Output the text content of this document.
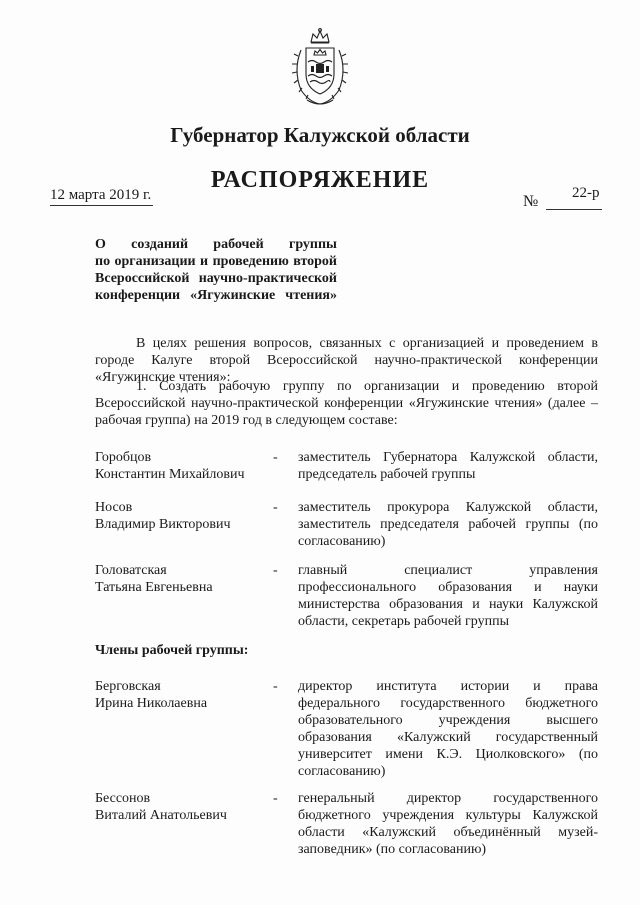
Губернатор Калужской области
РАСПОРЯЖЕНИЕ
12 марта 2019 г.	№ 22-р
О созданий рабочей группы
по организации и проведению второй
Всероссийской научно-практической
конференции «Ягужинские чтения»

В целях решения вопросов, связанных с организацией и проведением в городе Калуге второй Всероссийской научно-практической конференции «Ягужинские чтения»:

1. Создать рабочую группу по организации и проведению второй Всероссийской научно-практической конференции «Ягужинские чтения» (далее – рабочая группа) на 2019 год в следующем составе:

Горобцов
Константин Михайлович
- заместитель Губернатора Калужской области, председатель рабочей группы
Носов
Владимир Викторович
- заместитель прокурора Калужской области, заместитель председателя рабочей группы (по согласованию)
Головатская
Татьяна Евгеньевна
- главный специалист управления профессионального образования и науки министерства образования и науки Калужской области, секретарь рабочей группы
Члены рабочей группы:
Берговская
Ирина Николаевна
- директор института истории и права федерального государственного бюджетного образовательного учреждения высшего образования «Калужский государственный университет имени К.Э. Циолковского» (по согласованию)
Бессонов
Виталий Анатольевич
- генеральный директор государственного бюджетного учреждения культуры Калужской области «Калужский объединённый музей-заповедник» (по согласованию)
